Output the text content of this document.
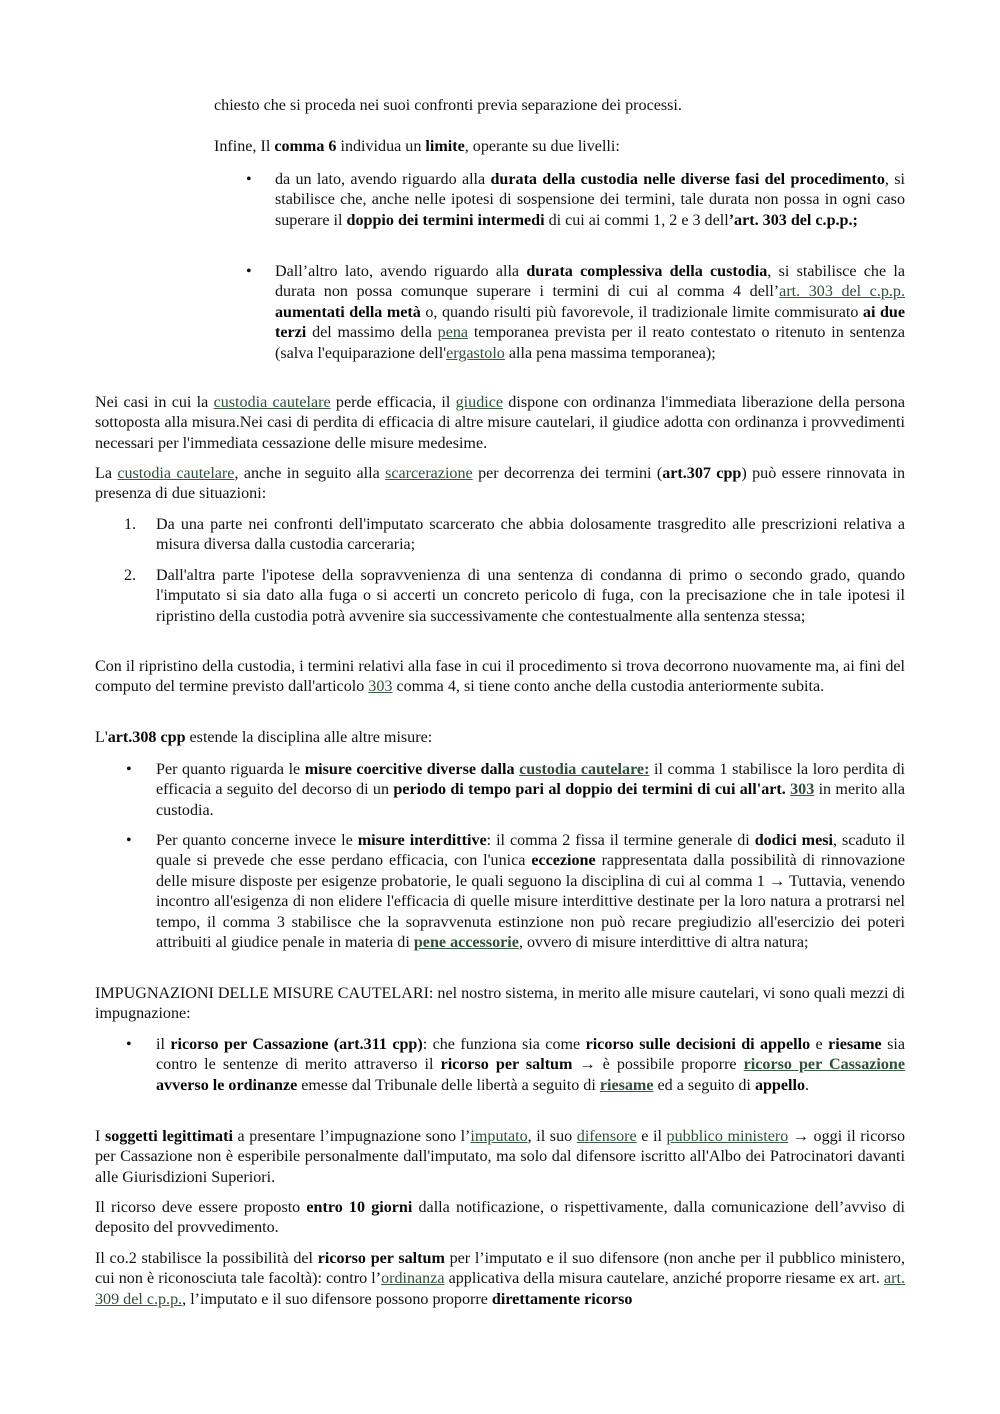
chiesto che si proceda nei suoi confronti previa separazione dei processi.

Infine, Il comma 6 individua un limite, operante su due livelli:

• da un lato, avendo riguardo alla durata della custodia nelle diverse fasi del procedimento, si stabilisce che, anche nelle ipotesi di sospensione dei termini, tale durata non possa in ogni caso superare il doppio dei termini intermedi di cui ai commi 1, 2 e 3 dell’art. 303 del c.p.p.;
• Dall’altro lato, avendo riguardo alla durata complessiva della custodia, si stabilisce che la durata non possa comunque superare i termini di cui al comma 4 dell’art. 303 del c.p.p. aumentati della metà o, quando risulti più favorevole, il tradizionale limite commisurato ai due terzi del massimo della pena temporanea prevista per il reato contestato o ritenuto in sentenza (salva l'equiparazione dell'ergastolo alla pena massima temporanea);

Nei casi in cui la custodia cautelare perde efficacia, il giudice dispone con ordinanza l'immediata liberazione della persona sottoposta alla misura.Nei casi di perdita di efficacia di altre misure cautelari, il giudice adotta con ordinanza i provvedimenti necessari per l'immediata cessazione delle misure medesime.

La custodia cautelare, anche in seguito alla scarcerazione per decorrenza dei termini (art.307 cpp) può essere rinnovata in presenza di due situazioni:

1. Da una parte nei confronti dell'imputato scarcerato che abbia dolosamente trasgredito alle prescrizioni relativa a misura diversa dalla custodia carceraria;
2. Dall'altra parte l'ipotese della sopravvenienza di una sentenza di condanna di primo o secondo grado, quando l'imputato si sia dato alla fuga o si accerti un concreto pericolo di fuga, con la precisazione che in tale ipotesi il ripristino della custodia potrà avvenire sia successivamente che contestualmente alla sentenza stessa;

Con il ripristino della custodia, i termini relativi alla fase in cui il procedimento si trova decorrono nuovamente ma, ai fini del computo del termine previsto dall'articolo 303 comma 4, si tiene conto anche della custodia anteriormente subita.

L'art.308 cpp estende la disciplina alle altre misure:

• Per quanto riguarda le misure coercitive diverse dalla custodia cautelare: il comma 1 stabilisce la loro perdita di efficacia a seguito del decorso di un periodo di tempo pari al doppio dei termini di cui all'art. 303 in merito alla custodia.
• Per quanto concerne invece le misure interdittive: il comma 2 fissa il termine generale di dodici mesi, scaduto il quale si prevede che esse perdano efficacia, con l'unica eccezione rappresentata dalla possibilità di rinnovazione delle misure disposte per esigenze probatorie, le quali seguono la disciplina di cui al comma 1 → Tuttavia, venendo incontro all'esigenza di non elidere l'efficacia di quelle misure interdittive destinate per la loro natura a protrarsi nel tempo, il comma 3 stabilisce che la sopravvenuta estinzione non può recare pregiudizio all'esercizio dei poteri attribuiti al giudice penale in materia di pene accessorie, ovvero di misure interdittive di altra natura;

IMPUGNAZIONI DELLE MISURE CAUTELARI: nel nostro sistema, in merito alle misure cautelari, vi sono quali mezzi di impugnazione:

• il ricorso per Cassazione (art.311 cpp): che funziona sia come ricorso sulle decisioni di appello e riesame sia contro le sentenze di merito attraverso il ricorso per saltum → è possibile proporre ricorso per Cassazione avverso le ordinanze emesse dal Tribunale delle libertà a seguito di riesame ed a seguito di appello.

I soggetti legittimati a presentare l’impugnazione sono l’imputato, il suo difensore e il pubblico ministero → oggi il ricorso per Cassazione non è esperibile personalmente dall'imputato, ma solo dal difensore iscritto all'Albo dei Patrocinatori davanti alle Giurisdizioni Superiori.

Il ricorso deve essere proposto entro 10 giorni dalla notificazione, o rispettivamente, dalla comunicazione dell’avviso di deposito del provvedimento.

Il co.2 stabilisce la possibilità del ricorso per saltum per l’imputato e il suo difensore (non anche per il pubblico ministero, cui non è riconosciuta tale facoltà): contro l’ordinanza applicativa della misura cautelare, anziché proporre riesame ex art. art. 309 del c.p.p., l’imputato e il suo difensore possono proporre direttamente ricorso
